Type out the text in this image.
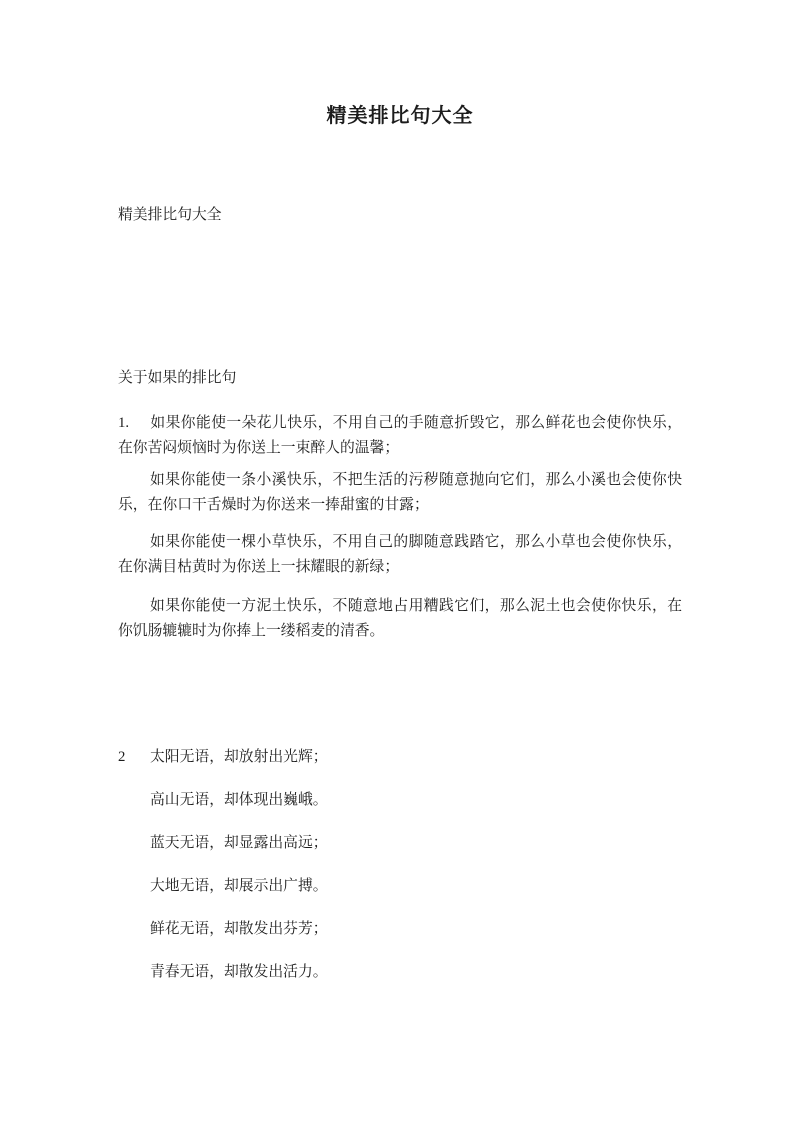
精美排比句大全

精美排比句大全

关于如果的排比句

1. 如果你能使一朵花儿快乐，不用自己的手随意折毁它，那么鲜花也会使你快乐，在你苦闷烦恼时为你送上一束醉人的温馨；

如果你能使一条小溪快乐，不把生活的污秽随意抛向它们，那么小溪也会使你快乐，在你口干舌燥时为你送来一捧甜蜜的甘露；

如果你能使一棵小草快乐，不用自己的脚随意践踏它，那么小草也会使你快乐，在你满目枯黄时为你送上一抹耀眼的新绿；

如果你能使一方泥土快乐，不随意地占用糟践它们，那么泥土也会使你快乐，在你饥肠辘辘时为你捧上一缕稻麦的清香。

2 太阳无语，却放射出光辉；

高山无语，却体现出巍峨。

蓝天无语，却显露出高远；

大地无语，却展示出广搏。

鲜花无语，却散发出芬芳；

青春无语，却散发出活力。
